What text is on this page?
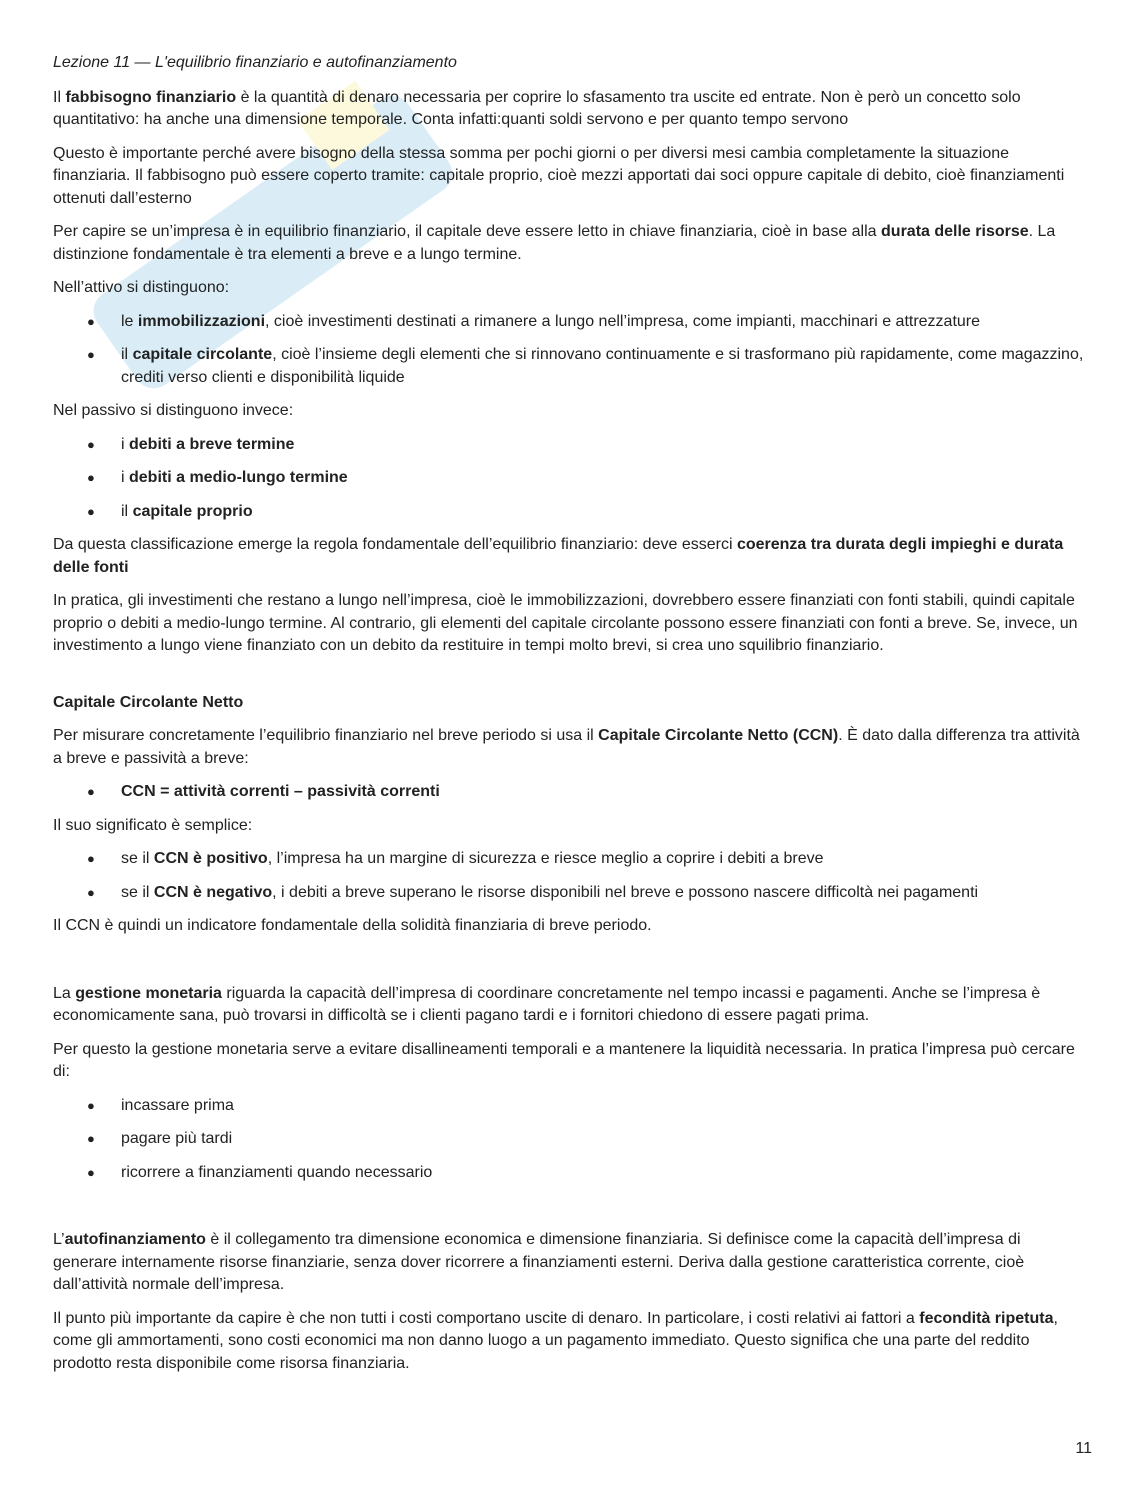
Lezione 11 — L'equilibrio finanziario e autofinanziamento

Il fabbisogno finanziario è la quantità di denaro necessaria per coprire lo sfasamento tra uscite ed entrate. Non è però un concetto solo quantitativo: ha anche una dimensione temporale. Conta infatti:quanti soldi servono e per quanto tempo servono

Questo è importante perché avere bisogno della stessa somma per pochi giorni o per diversi mesi cambia completamente la situazione finanziaria. Il fabbisogno può essere coperto tramite: capitale proprio, cioè mezzi apportati dai soci oppure capitale di debito, cioè finanziamenti ottenuti dall’esterno

Per capire se un’impresa è in equilibrio finanziario, il capitale deve essere letto in chiave finanziaria, cioè in base alla durata delle risorse. La distinzione fondamentale è tra elementi a breve e a lungo termine.

Nell’attivo si distinguono:

● le immobilizzazioni, cioè investimenti destinati a rimanere a lungo nell’impresa, come impianti, macchinari e attrezzature
● il capitale circolante, cioè l’insieme degli elementi che si rinnovano continuamente e si trasformano più rapidamente, come magazzino, crediti verso clienti e disponibilità liquide

Nel passivo si distinguono invece:

● i debiti a breve termine
● i debiti a medio-lungo termine
● il capitale proprio

Da questa classificazione emerge la regola fondamentale dell’equilibrio finanziario: deve esserci coerenza tra durata degli impieghi e durata delle fonti

In pratica, gli investimenti che restano a lungo nell’impresa, cioè le immobilizzazioni, dovrebbero essere finanziati con fonti stabili, quindi capitale proprio o debiti a medio-lungo termine. Al contrario, gli elementi del capitale circolante possono essere finanziati con fonti a breve. Se, invece, un investimento a lungo viene finanziato con un debito da restituire in tempi molto brevi, si crea uno squilibrio finanziario.

Capitale Circolante Netto

Per misurare concretamente l’equilibrio finanziario nel breve periodo si usa il Capitale Circolante Netto (CCN). È dato dalla differenza tra attività a breve e passività a breve:

● CCN = attività correnti – passività correnti

Il suo significato è semplice:

● se il CCN è positivo, l’impresa ha un margine di sicurezza e riesce meglio a coprire i debiti a breve
● se il CCN è negativo, i debiti a breve superano le risorse disponibili nel breve e possono nascere difficoltà nei pagamenti

Il CCN è quindi un indicatore fondamentale della solidità finanziaria di breve periodo.

La gestione monetaria riguarda la capacità dell’impresa di coordinare concretamente nel tempo incassi e pagamenti. Anche se l’impresa è economicamente sana, può trovarsi in difficoltà se i clienti pagano tardi e i fornitori chiedono di essere pagati prima.

Per questo la gestione monetaria serve a evitare disallineamenti temporali e a mantenere la liquidità necessaria. In pratica l’impresa può cercare di:

● incassare prima
● pagare più tardi
● ricorrere a finanziamenti quando necessario

L’autofinanziamento è il collegamento tra dimensione economica e dimensione finanziaria. Si definisce come la capacità dell’impresa di generare internamente risorse finanziarie, senza dover ricorrere a finanziamenti esterni. Deriva dalla gestione caratteristica corrente, cioè dall’attività normale dell’impresa.

Il punto più importante da capire è che non tutti i costi comportano uscite di denaro. In particolare, i costi relativi ai fattori a fecondità ripetuta, come gli ammortamenti, sono costi economici ma non danno luogo a un pagamento immediato. Questo significa che una parte del reddito prodotto resta disponibile come risorsa finanziaria.

11
